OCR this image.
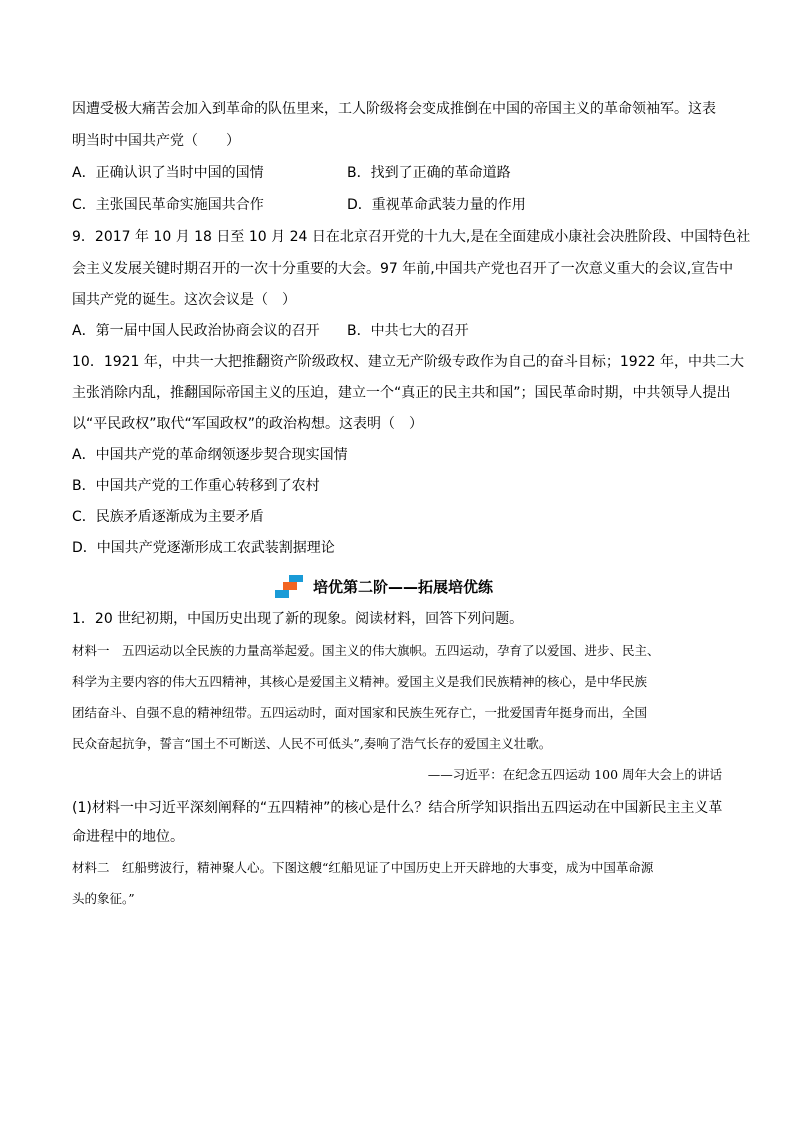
因遭受极大痛苦会加入到革命的队伍里来，工人阶级将会变成推倒在中国的帝国主义的革命领袖军。这表
明当时中国共产党（　　）
A．正确认识了当时中国的国情	B．找到了正确的革命道路
C．主张国民革命实施国共合作	D．重视革命武装力量的作用
9．2017 年 10 月 18 日至 10 月 24 日在北京召开党的十九大,是在全面建成小康社会决胜阶段、中国特色社
会主义发展关键时期召开的一次十分重要的大会。97 年前,中国共产党也召开了一次意义重大的会议,宣告中
国共产党的诞生。这次会议是（　）
A．第一届中国人民政治协商会议的召开 B．中共七大的召开
10．1921 年，中共一大把推翻资产阶级政权、建立无产阶级专政作为自己的奋斗目标；1922 年，中共二大
主张消除内乱，推翻国际帝国主义的压迫，建立一个“真正的民主共和国”；国民革命时期，中共领导人提出
以“平民政权”取代“军国政权”的政治构想。这表明（　）
A．中国共产党的革命纲领逐步契合现实国情
B．中国共产党的工作重心转移到了农村
C．民族矛盾逐渐成为主要矛盾
D．中国共产党逐渐形成工农武装割据理论
培优第二阶——拓展培优练
1．20 世纪初期，中国历史出现了新的现象。阅读材料，回答下列问题。
材料一　五四运动以全民族的力量高举起爱。国主义的伟大旗帜。五四运动，孕育了以爱国、进步、民主、
科学为主要内容的伟大五四精神，其核心是爱国主义精神。爱国主义是我们民族精神的核心，是中华民族
团结奋斗、自强不息的精神纽带。五四运动时，面对国家和民族生死存亡，一批爱国青年挺身而出，全国
民众奋起抗争，誓言“国土不可断送、人民不可低头”,奏响了浩气长存的爱国主义壮歌。
——习近平：在纪念五四运动 100 周年大会上的讲话
(1)材料一中习近平深刻阐释的“五四精神”的核心是什么？结合所学知识指出五四运动在中国新民主主义革
命进程中的地位。
材料二　红船劈波行，精神聚人心。下图这艘“红船见证了中国历史上开天辟地的大事变，成为中国革命源
头的象征。”
